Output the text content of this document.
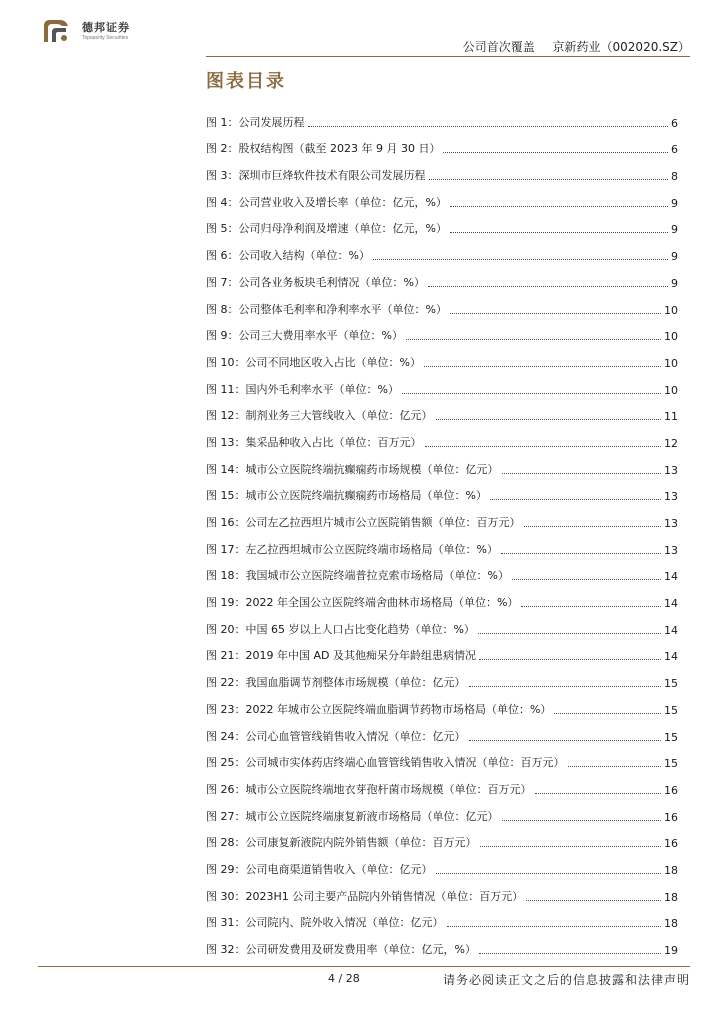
德邦证券
Topsperity Securities
公司首次覆盖 京新药业（002020.SZ）
图表目录
图 1：公司发展历程	6
图 2：股权结构图（截至 2023 年 9 月 30 日）	6
图 3：深圳市巨烽软件技术有限公司发展历程	8
图 4：公司营业收入及增长率（单位：亿元，%）	9
图 5：公司归母净利润及增速（单位：亿元，%）	9
图 6：公司收入结构（单位：%）	9
图 7：公司各业务板块毛利情况（单位：%）	9
图 8：公司整体毛利率和净利率水平（单位：%）	10
图 9：公司三大费用率水平（单位：%）	10
图 10：公司不同地区收入占比（单位：%）	10
图 11：国内外毛利率水平（单位：%）	10
图 12：制剂业务三大管线收入（单位：亿元）	11
图 13：集采品种收入占比（单位：百万元）	12
图 14：城市公立医院终端抗癫痫药市场规模（单位：亿元）	13
图 15：城市公立医院终端抗癫痫药市场格局（单位：%）	13
图 16：公司左乙拉西坦片城市公立医院销售额（单位：百万元）	13
图 17：左乙拉西坦城市公立医院终端市场格局（单位：%）	13
图 18：我国城市公立医院终端普拉克索市场格局（单位：%）	14
图 19：2022 年全国公立医院终端舍曲林市场格局（单位：%）	14
图 20：中国 65 岁以上人口占比变化趋势（单位：%）	14
图 21：2019 年中国 AD 及其他痴呆分年龄组患病情况	14
图 22：我国血脂调节剂整体市场规模（单位：亿元）	15
图 23：2022 年城市公立医院终端血脂调节药物市场格局（单位：%）	15
图 24：公司心血管管线销售收入情况（单位：亿元）	15
图 25：公司城市实体药店终端心血管管线销售收入情况（单位：百万元）	15
图 26：城市公立医院终端地衣芽孢杆菌市场规模（单位：百万元）	16
图 27：城市公立医院终端康复新液市场格局（单位：亿元）	16
图 28：公司康复新液院内院外销售额（单位：百万元）	16
图 29：公司电商渠道销售收入（单位：亿元）	18
图 30：2023H1 公司主要产品院内外销售情况（单位：百万元）	18
图 31：公司院内、院外收入情况（单位：亿元）	18
图 32：公司研发费用及研发费用率（单位：亿元，%）	19
4 / 28	请务必阅读正文之后的信息披露和法律声明
